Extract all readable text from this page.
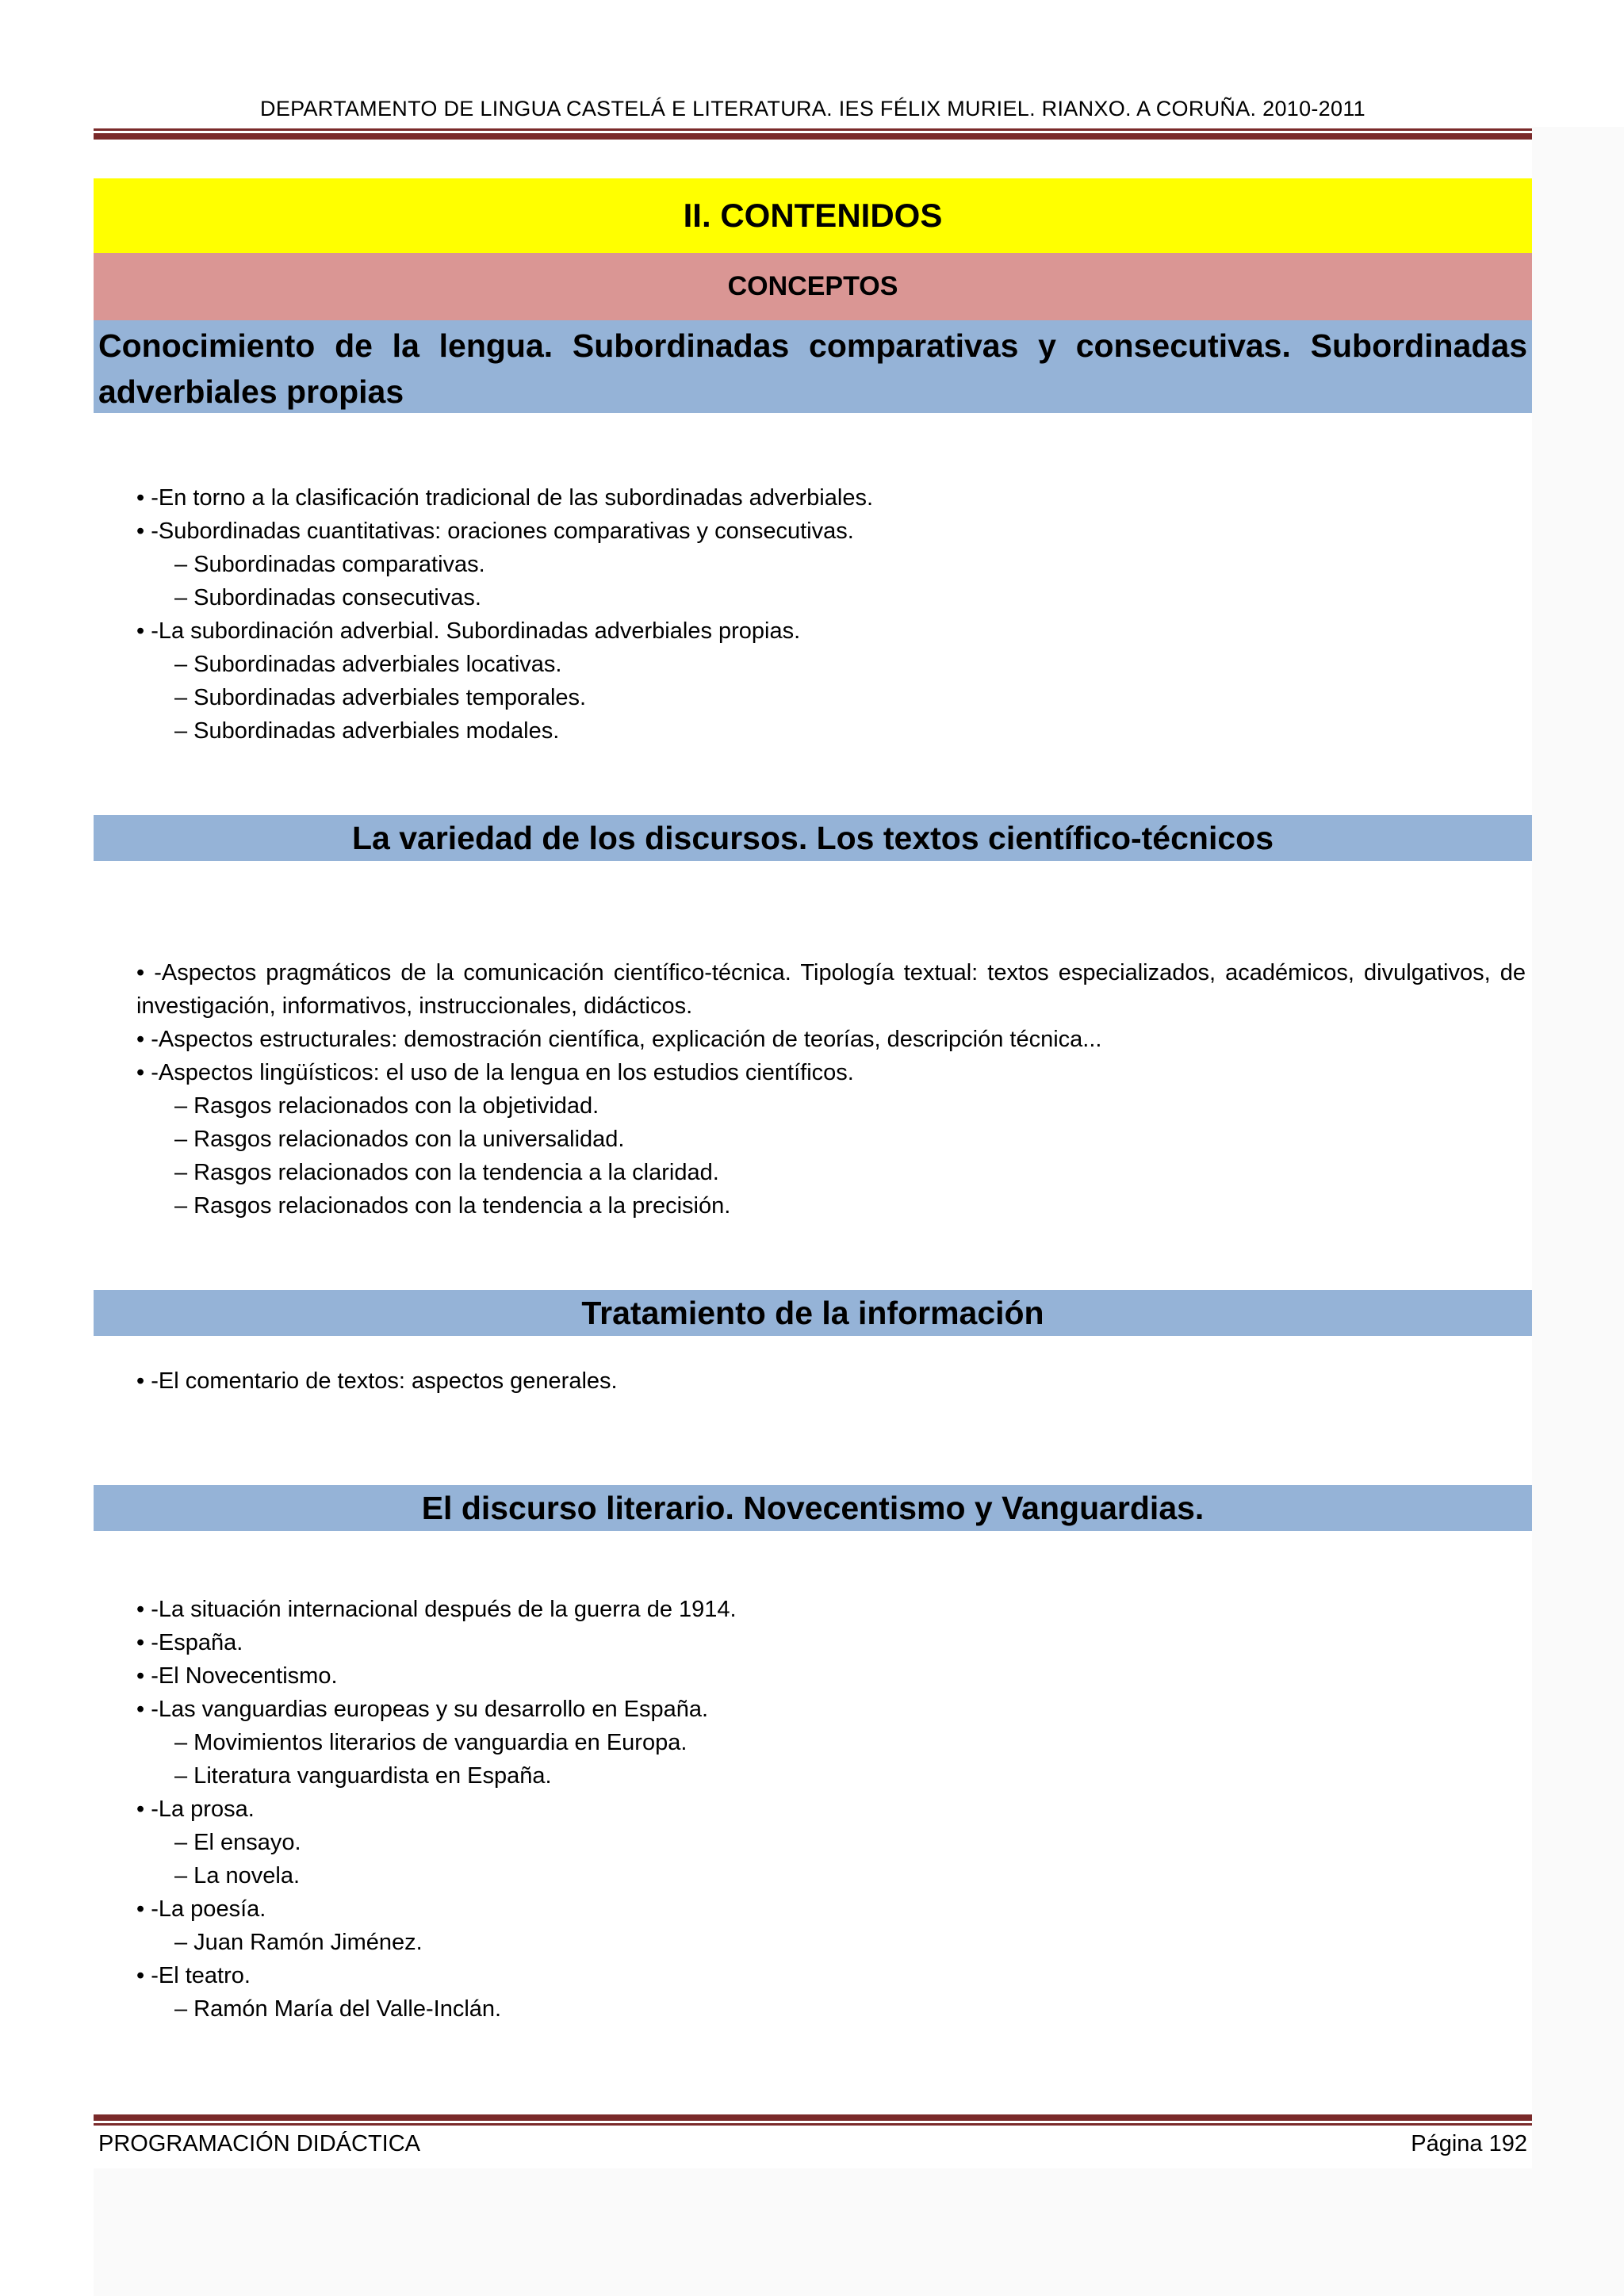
DEPARTAMENTO DE LINGUA CASTELÁ E LITERATURA. IES FÉLIX MURIEL. RIANXO. A CORUÑA. 2010-2011
II. CONTENIDOS
CONCEPTOS
Conocimiento de la lengua. Subordinadas comparativas y consecutivas. Subordinadas adverbiales propias
• -En torno a la clasificación tradicional de las subordinadas adverbiales.
• -Subordinadas cuantitativas: oraciones comparativas y consecutivas.
– Subordinadas comparativas.
– Subordinadas consecutivas.
• -La subordinación adverbial. Subordinadas adverbiales propias.
– Subordinadas adverbiales locativas.
– Subordinadas adverbiales temporales.
– Subordinadas adverbiales modales.
La variedad de los discursos. Los textos científico-técnicos
• -Aspectos pragmáticos de la comunicación científico-técnica. Tipología textual: textos especializados, académicos, divulgativos, de investigación, informativos, instruccionales, didácticos.
• -Aspectos estructurales: demostración científica, explicación de teorías, descripción técnica...
• -Aspectos lingüísticos: el uso de la lengua en los estudios científicos.
– Rasgos relacionados con la objetividad.
– Rasgos relacionados con la universalidad.
– Rasgos relacionados con la tendencia a la claridad.
– Rasgos relacionados con la tendencia a la precisión.
Tratamiento de la información
• -El comentario de textos: aspectos generales.
El discurso literario. Novecentismo y Vanguardias.
• -La situación internacional después de la guerra de 1914.
• -España.
• -El Novecentismo.
• -Las vanguardias europeas y su desarrollo en España.
– Movimientos literarios de vanguardia en Europa.
– Literatura vanguardista en España.
• -La prosa.
– El ensayo.
– La novela.
• -La poesía.
– Juan Ramón Jiménez.
• -El teatro.
– Ramón María del Valle-Inclán.
PROGRAMACIÓN DIDÁCTICA	Página 192
